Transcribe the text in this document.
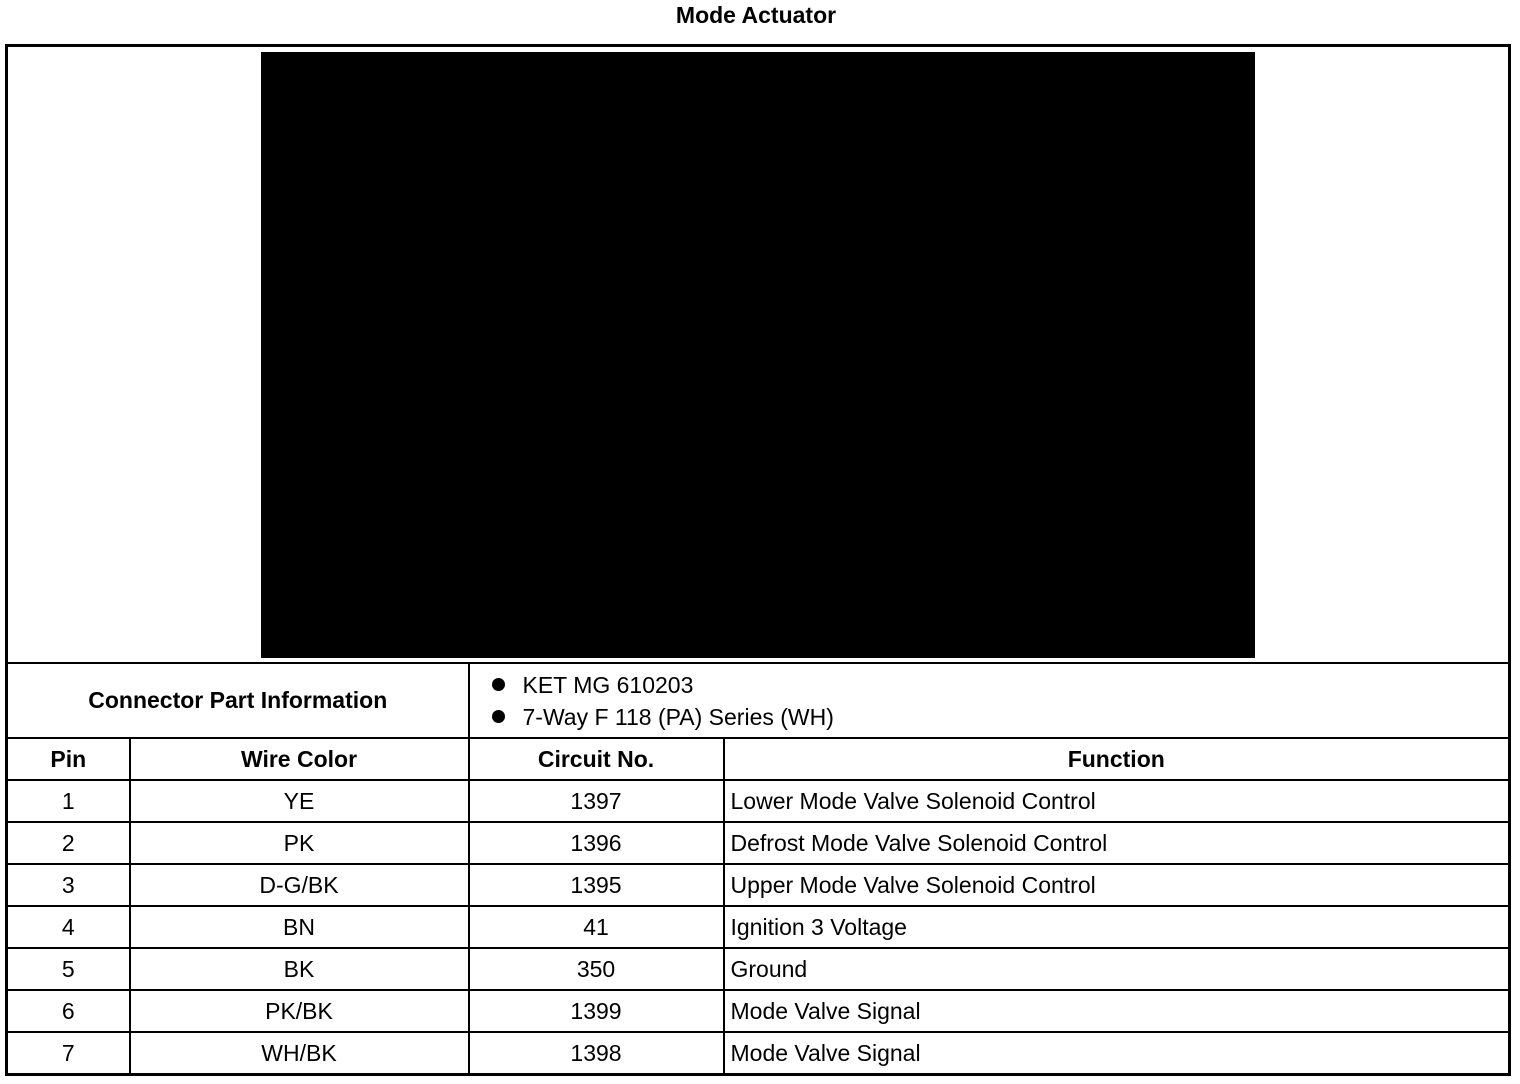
Mode Actuator

Connector Part Information		KET MG 610203
7-Way F 118 (PA) Series (WH)	

Pin	Wire Color	Circuit No.	Function
1	YE	1397	Lower Mode Valve Solenoid Control
2	PK	1396	Defrost Mode Valve Solenoid Control
3	D-G/BK	1395	Upper Mode Valve Solenoid Control
4	BN	41	Ignition 3 Voltage
5	BK	350	Ground
6	PK/BK	1399	Mode Valve Signal
7	WH/BK	1398	Mode Valve Signal
